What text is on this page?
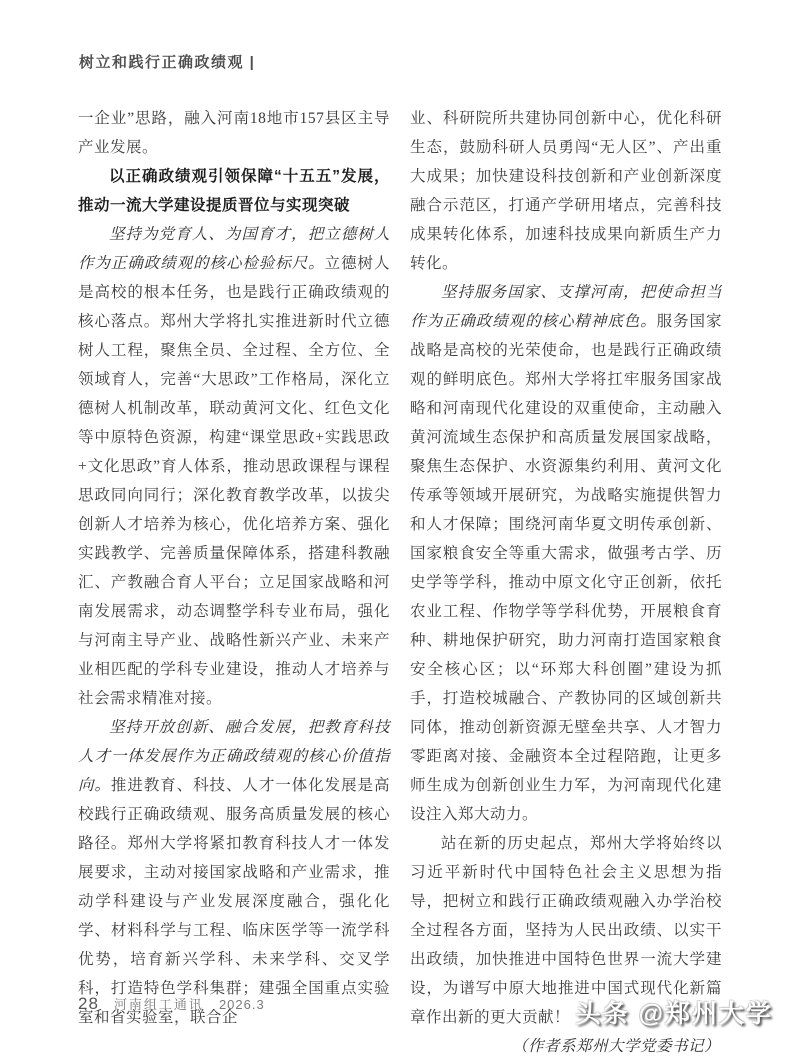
树立和践行正确政绩观 |

一企业”思路，融入河南18地市157县区主导产业发展。

以正确政绩观引领保障“十五五”发展，推动一流大学建设提质晋位与实现突破

坚持为党育人、为国育才，把立德树人作为正确政绩观的核心检验标尺。立德树人是高校的根本任务，也是践行正确政绩观的核心落点。郑州大学将扎实推进新时代立德树人工程，聚焦全员、全过程、全方位、全领域育人，完善“大思政”工作格局，深化立德树人机制改革，联动黄河文化、红色文化等中原特色资源，构建“课堂思政+实践思政+文化思政”育人体系，推动思政课程与课程思政同向同行；深化教育教学改革，以拔尖创新人才培养为核心，优化培养方案、强化实践教学、完善质量保障体系，搭建科教融汇、产教融合育人平台；立足国家战略和河南发展需求，动态调整学科专业布局，强化与河南主导产业、战略性新兴产业、未来产业相匹配的学科专业建设，推动人才培养与社会需求精准对接。

坚持开放创新、融合发展，把教育科技人才一体发展作为正确政绩观的核心价值指向。推进教育、科技、人才一体化发展是高校践行正确政绩观、服务高质量发展的核心路径。郑州大学将紧扣教育科技人才一体发展要求，主动对接国家战略和产业需求，推动学科建设与产业发展深度融合，强化化学、材料科学与工程、临床医学等一流学科优势，培育新兴学科、未来学科、交叉学科，打造特色学科集群；建强全国重点实验室和省实验室，联合企

业、科研院所共建协同创新中心，优化科研生态，鼓励科研人员勇闯“无人区”、产出重大成果；加快建设科技创新和产业创新深度融合示范区，打通产学研用堵点，完善科技成果转化体系，加速科技成果向新质生产力转化。

坚持服务国家、支撑河南，把使命担当作为正确政绩观的核心精神底色。服务国家战略是高校的光荣使命，也是践行正确政绩观的鲜明底色。郑州大学将扛牢服务国家战略和河南现代化建设的双重使命，主动融入黄河流域生态保护和高质量发展国家战略，聚焦生态保护、水资源集约利用、黄河文化传承等领域开展研究，为战略实施提供智力和人才保障；围绕河南华夏文明传承创新、国家粮食安全等重大需求，做强考古学、历史学等学科，推动中原文化守正创新，依托农业工程、作物学等学科优势，开展粮食育种、耕地保护研究，助力河南打造国家粮食安全核心区；以“环郑大科创圈”建设为抓手，打造校城融合、产教协同的区域创新共同体，推动创新资源无壁垒共享、人才智力零距离对接、金融资本全过程陪跑，让更多师生成为创新创业生力军，为河南现代化建设注入郑大动力。

站在新的历史起点，郑州大学将始终以习近平新时代中国特色社会主义思想为指导，把树立和践行正确政绩观融入办学治校全过程各方面，坚持为人民出政绩、以实干出政绩，加快推进中国特色世界一流大学建设，为谱写中原大地推进中国式现代化新篇章作出新的更大贡献！

（作者系郑州大学党委书记）

28 河南组工通讯 2026.3	头条 @郑州大学
